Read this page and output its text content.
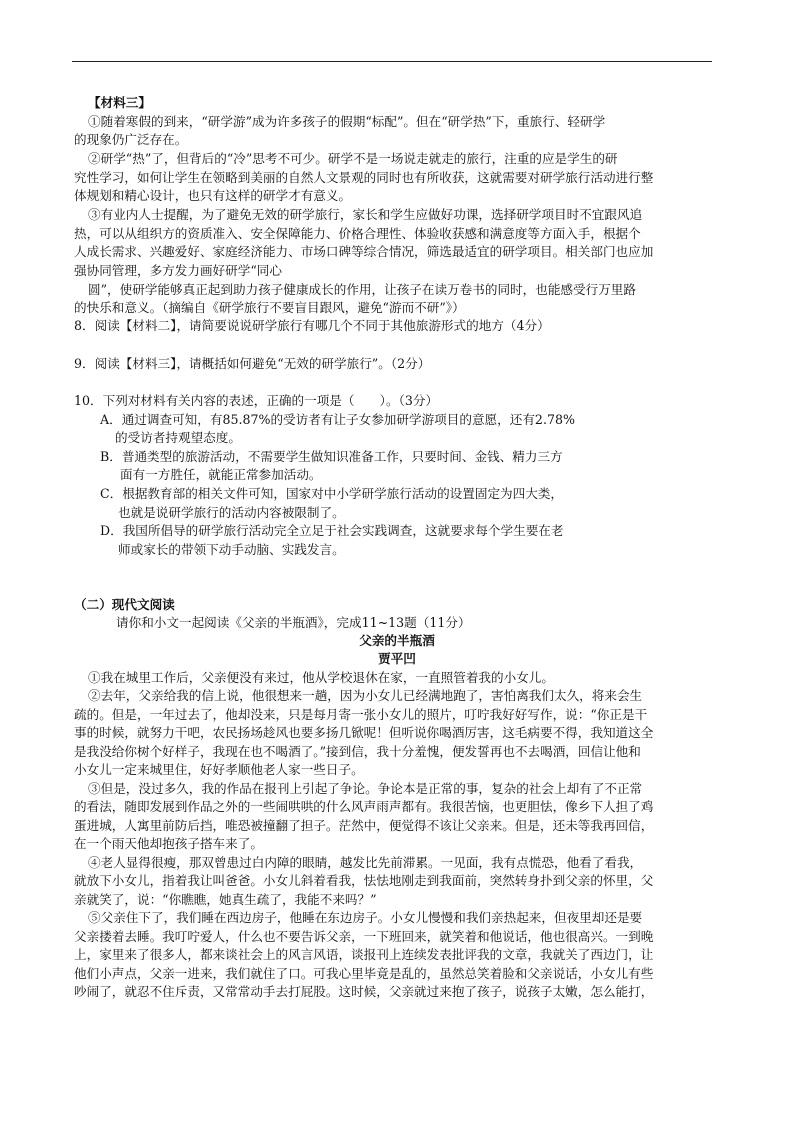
【材料三】
①随着寒假的到来，“研学游”成为许多孩子的假期“标配”。但在“研学热”下，重旅行、轻研学
的现象仍广泛存在。
②研学“热”了，但背后的“冷”思考不可少。研学不是一场说走就走的旅行，注重的应是学生的研
究性学习，如何让学生在领略到美丽的自然人文景观的同时也有所收获，这就需要对研学旅行活动进行整
体规划和精心设计，也只有这样的研学才有意义。
③有业内人士提醒，为了避免无效的研学旅行，家长和学生应做好功课，选择研学项目时不宜跟风追
热，可以从组织方的资质准入、安全保障能力、价格合理性、体验收获感和满意度等方面入手，根据个
人成长需求、兴趣爱好、家庭经济能力、市场口碑等综合情况，筛选最适宜的研学项目。相关部门也应加
强协同管理，多方发力画好研学“同心
圆”，使研学能够真正起到助力孩子健康成长的作用，让孩子在读万卷书的同时，也能感受行万里路
的快乐和意义。（摘编自《研学旅行不要盲目跟风，避免“游而不研”》）
8．阅读【材料二】，请简要说说研学旅行有哪几个不同于其他旅游形式的地方（4分）
9．阅读【材料三】，请概括如何避免“无效的研学旅行”。（2分）
10．下列对材料有关内容的表述，正确的一项是（　　）。（3分）
A．通过调查可知，有85.87%的受访者有让子女参加研学游项目的意愿，还有2.78%
的受访者持观望态度。
B．普通类型的旅游活动，不需要学生做知识准备工作，只要时间、金钱、精力三方
面有一方胜任，就能正常参加活动。
C．根据教育部的相关文件可知，国家对中小学研学旅行活动的设置固定为四大类，
也就是说研学旅行的活动内容被限制了。
D．我国所倡导的研学旅行活动完全立足于社会实践调查，这就要求每个学生要在老
师或家长的带领下动手动脑、实践发言。
（二）现代文阅读
请你和小文一起阅读《父亲的半瓶酒》，完成11~13题（11分）
父亲的半瓶酒
贾平凹
①我在城里工作后，父亲便没有来过，他从学校退休在家，一直照管着我的小女儿。
②去年，父亲给我的信上说，他很想来一趟，因为小女儿已经满地跑了，害怕离我们太久，将来会生
疏的。但是，一年过去了，他却没来，只是每月寄一张小女儿的照片，叮咛我好好写作，说：“你正是干
事的时候，就努力干吧，农民扬场趁风也要多扬几锨呢！但听说你喝酒厉害，这毛病要不得，我知道这全
是我没给你树个好样子，我现在也不喝酒了。”接到信，我十分羞愧，便发誓再也不去喝酒，回信让他和
小女儿一定来城里住，好好孝顺他老人家一些日子。
③但是，没过多久，我的作品在报刊上引起了争论。争论本是正常的事，复杂的社会上却有了不正常
的看法，随即发展到作品之外的一些闹哄哄的什么风声雨声都有。我很苦恼，也更胆怯，像乡下人担了鸡
蛋进城，人寓里前防后挡，唯恐被撞翻了担子。茫然中，便觉得不该让父亲来。但是，还未等我再回信，
在一个雨天他却抱孩子搭车来了。
④老人显得很瘦，那双曾患过白内障的眼睛，越发比先前滞累。一见面，我有点慌恐，他看了看我，
就放下小女儿，指着我让叫爸爸。小女儿斜着看我，怯怯地刚走到我面前，突然转身扑到父亲的怀里，父
亲就笑了，说：“你瞧瞧，她真生疏了，我能不来吗？”
⑤父亲住下了，我们睡在西边房子，他睡在东边房子。小女儿慢慢和我们亲热起来，但夜里却还是要
父亲搂着去睡。我叮咛爱人，什么也不要告诉父亲，一下班回来，就笑着和他说话，他也很高兴。一到晚
上，家里来了很多人，都来谈社会上的风言风语，谈报刊上连续发表批评我的文章，我就关了西边门，让
他们小声点，父亲一进来，我们就住了口。可我心里毕竟是乱的，虽然总笑着脸和父亲说话，小女儿有些
吵闹了，就忍不住斥责，又常常动手去打屁股。这时候，父亲就过来抱了孩子，说孩子太嫩，怎么能打，
